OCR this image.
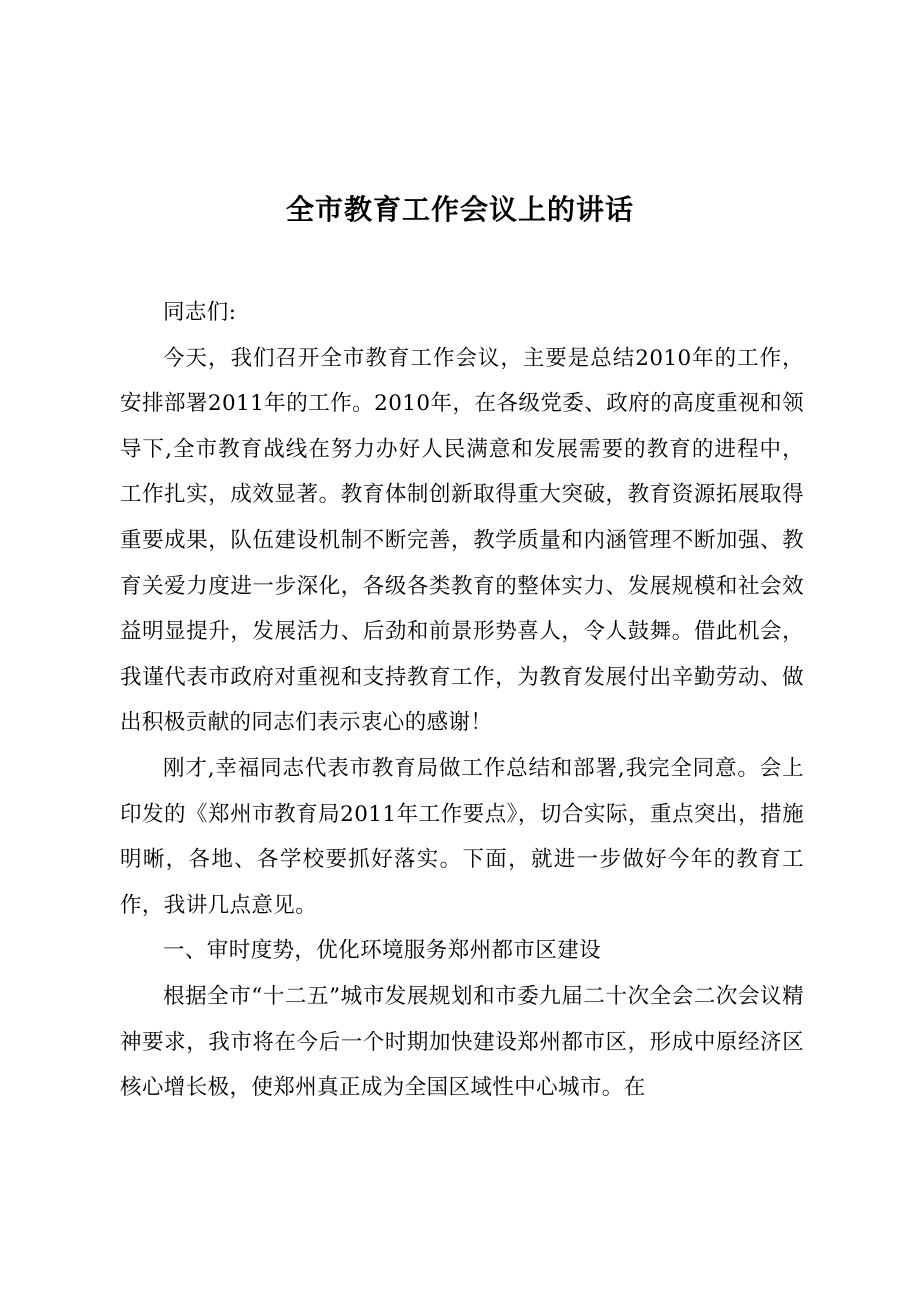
全市教育工作会议上的讲话

同志们:

今天，我们召开全市教育工作会议，主要是总结2010年的工作，安排部署2011年的工作。2010年，在各级党委、政府的高度重视和领导下,全市教育战线在努力办好人民满意和发展需要的教育的进程中，工作扎实，成效显著。教育体制创新取得重大突破，教育资源拓展取得重要成果，队伍建设机制不断完善，教学质量和内涵管理不断加强、教育关爱力度进一步深化，各级各类教育的整体实力、发展规模和社会效益明显提升，发展活力、后劲和前景形势喜人，令人鼓舞。借此机会，我谨代表市政府对重视和支持教育工作，为教育发展付出辛勤劳动、做出积极贡献的同志们表示衷心的感谢！

刚才,幸福同志代表市教育局做工作总结和部署,我完全同意。会上印发的《郑州市教育局2011年工作要点》，切合实际，重点突出，措施明晰，各地、各学校要抓好落实。下面，就进一步做好今年的教育工作，我讲几点意见。

一、审时度势，优化环境服务郑州都市区建设

根据全市“十二五”城市发展规划和市委九届二十次全会二次会议精神要求，我市将在今后一个时期加快建设郑州都市区，形成中原经济区核心增长极，使郑州真正成为全国区域性中心城市。在
